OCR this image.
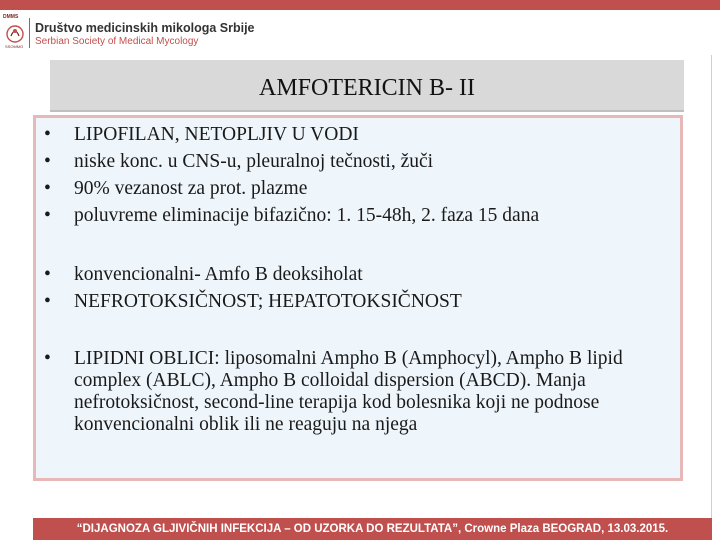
DMMS
SSOMMO
Društvo medicinskih mikologa Srbije
Serbian Society of Medical Mycology
AMFOTERICIN B- II
• LIPOFILAN, NETOPLJIV U VODI
• niske konc. u CNS-u, pleuralnoj tečnosti, žuči
• 90% vezanost za prot. plazme
• poluvreme eliminacije bifazično: 1. 15-48h, 2. faza 15 dana
• konvencionalni- Amfo B deoksiholat
• NEFROTOKSIČNOST; HEPATOTOKSIČNOST
• LIPIDNI OBLICI: liposomalni Ampho B (Amphocyl), Ampho B lipid complex (ABLC), Ampho B colloidal dispersion (ABCD). Manja nefrotoksičnost, second-line terapija kod bolesnika koji ne podnose konvencionalni oblik ili ne reaguju na njega
“DIJAGNOZA GLJIVIČNIH INFEKCIJA – OD UZORKA DO REZULTATA”, Crowne Plaza BEOGRAD, 13.03.2015.
